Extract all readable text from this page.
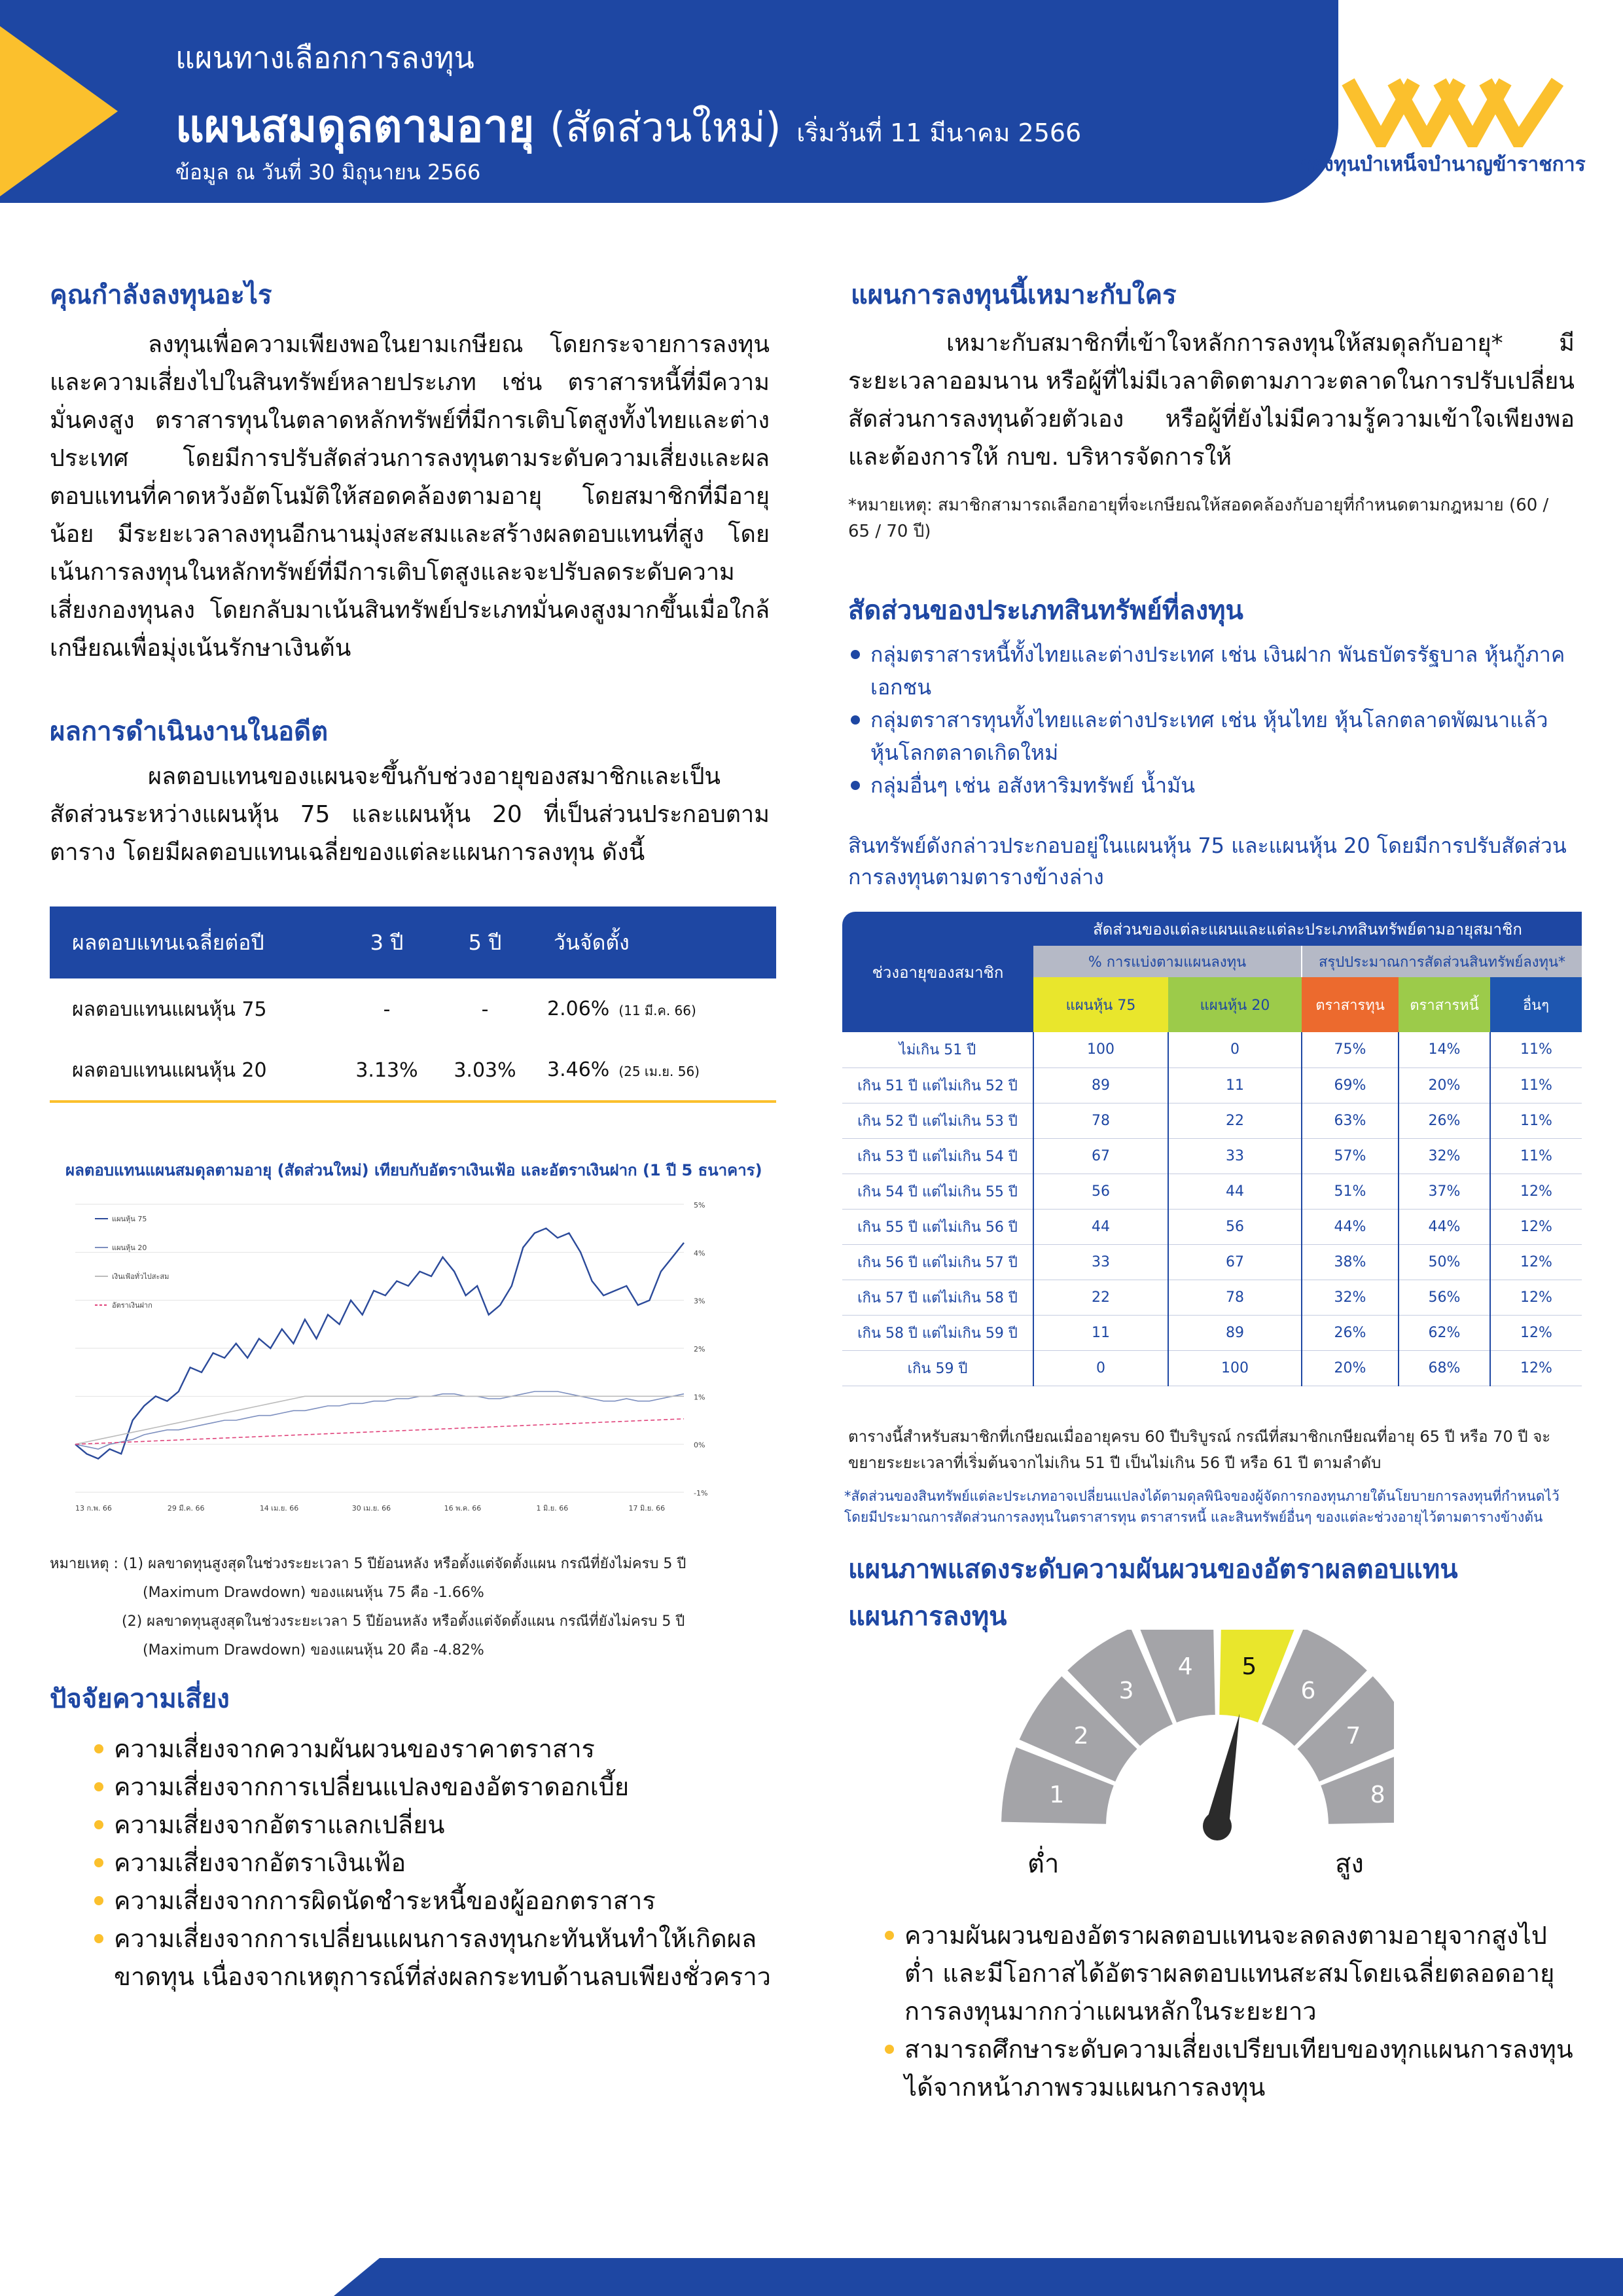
แผนทางเลือกการลงทุน
แผนสมดุลตามอายุ (สัดส่วนใหม่) เริ่มวันที่ 11 มีนาคม 2566
ข้อมูล ณ วันที่ 30 มิถุนายน 2566	กองทุนบำเหน็จบำนาญข้าราชการ
คุณกำลังลงทุนอะไร
ลงทุนเพื่อความเพียงพอในยามเกษียณ โดยกระจายการลงทุนและความเสี่ยงไปในสินทรัพย์หลายประเภท เช่น ตราสารหนี้ที่มีความมั่นคงสูง ตราสารทุนในตลาดหลักทรัพย์ที่มีการเติบโตสูงทั้งไทยและต่างประเทศ โดยมีการปรับสัดส่วนการลงทุนตามระดับความเสี่ยงและผลตอบแทนที่คาดหวังอัตโนมัติให้สอดคล้องตามอายุ โดยสมาชิกที่มีอายุน้อย มีระยะเวลาลงทุนอีกนานมุ่งสะสมและสร้างผลตอบแทนที่สูง โดยเน้นการลงทุนในหลักทรัพย์ที่มีการเติบโตสูงและจะปรับลดระดับความเสี่ยงกองทุนลง โดยกลับมาเน้นสินทรัพย์ประเภทมั่นคงสูงมากขึ้นเมื่อใกล้เกษียณเพื่อมุ่งเน้นรักษาเงินต้น
ผลการดำเนินงานในอดีต
ผลตอบแทนของแผนจะขึ้นกับช่วงอายุของสมาชิกและเป็นสัดส่วนระหว่างแผนหุ้น 75 และแผนหุ้น 20 ที่เป็นส่วนประกอบตามตาราง โดยมีผลตอบแทนเฉลี่ยของแต่ละแผนการลงทุน ดังนี้
ผลตอบแทนเฉลี่ยต่อปี	3 ปี	5 ปี	วันจัดตั้ง
ผลตอบแทนแผนหุ้น 75	-	-	2.06% (11 มี.ค. 66)
ผลตอบแทนแผนหุ้น 20	3.13%	3.03%	3.46% (25 เม.ย. 56)
ผลตอบแทนแผนสมดุลตามอายุ (สัดส่วนใหม่) เทียบกับอัตราเงินเฟ้อ และอัตราเงินฝาก (1 ปี 5 ธนาคาร)
5%
4%
3%
2%
1%
0%
-1%
13 ก.พ. 66	29 มี.ค. 66	14 เม.ย. 66	30 เม.ย. 66	16 พ.ค. 66	1 มิ.ย. 66	17 มิ.ย. 66
แผนหุ้น 75
แผนหุ้น 20
เงินเฟ้อทั่วไปสะสม
อัตราเงินฝาก
หมายเหตุ : (1) ผลขาดทุนสูงสุดในช่วงระยะเวลา 5 ปีย้อนหลัง หรือตั้งแต่จัดตั้งแผน กรณีที่ยังไม่ครบ 5 ปี
(Maximum Drawdown) ของแผนหุ้น 75 คือ -1.66%
(2) ผลขาดทุนสูงสุดในช่วงระยะเวลา 5 ปีย้อนหลัง หรือตั้งแต่จัดตั้งแผน กรณีที่ยังไม่ครบ 5 ปี
(Maximum Drawdown) ของแผนหุ้น 20 คือ -4.82%
ปัจจัยความเสี่ยง
ความเสี่ยงจากความผันผวนของราคาตราสาร
ความเสี่ยงจากการเปลี่ยนแปลงของอัตราดอกเบี้ย
ความเสี่ยงจากอัตราแลกเปลี่ยน
ความเสี่ยงจากอัตราเงินเฟ้อ
ความเสี่ยงจากการผิดนัดชำระหนี้ของผู้ออกตราสาร
ความเสี่ยงจากการเปลี่ยนแผนการลงทุนกะทันหันทำให้เกิดผลขาดทุน เนื่องจากเหตุการณ์ที่ส่งผลกระทบด้านลบเพียงชั่วคราว
แผนการลงทุนนี้เหมาะกับใคร
เหมาะกับสมาชิกที่เข้าใจหลักการลงทุนให้สมดุลกับอายุ* มีระยะเวลาออมนาน หรือผู้ที่ไม่มีเวลาติดตามภาวะตลาดในการปรับเปลี่ยนสัดส่วนการลงทุนด้วยตัวเอง หรือผู้ที่ยังไม่มีความรู้ความเข้าใจเพียงพอและต้องการให้ กบข. บริหารจัดการให้
*หมายเหตุ: สมาชิกสามารถเลือกอายุที่จะเกษียณให้สอดคล้องกับอายุที่กำหนดตามกฎหมาย (60 / 65 / 70 ปี)
สัดส่วนของประเภทสินทรัพย์ที่ลงทุน
กลุ่มตราสารหนี้ทั้งไทยและต่างประเทศ เช่น เงินฝาก พันธบัตรรัฐบาล หุ้นกู้ภาคเอกชน
กลุ่มตราสารทุนทั้งไทยและต่างประเทศ เช่น หุ้นไทย หุ้นโลกตลาดพัฒนาแล้ว หุ้นโลกตลาดเกิดใหม่
กลุ่มอื่นๆ เช่น อสังหาริมทรัพย์ น้ำมัน
สินทรัพย์ดังกล่าวประกอบอยู่ในแผนหุ้น 75 และแผนหุ้น 20 โดยมีการปรับสัดส่วนการลงทุนตามตารางข้างล่าง
ช่วงอายุของสมาชิก	สัดส่วนของแต่ละแผนและแต่ละประเภทสินทรัพย์ตามอายุสมาชิก				
	% การแบ่งตามแผนลงทุน		สรุปประมาณการสัดส่วนสินทรัพย์ลงทุน*		
	แผนหุ้น 75	แผนหุ้น 20	ตราสารทุน	ตราสารหนี้	อื่นๆ
ไม่เกิน 51 ปี	100	0	75%	14%	11%
เกิน 51 ปี แต่ไม่เกิน 52 ปี	89	11	69%	20%	11%
เกิน 52 ปี แต่ไม่เกิน 53 ปี	78	22	63%	26%	11%
เกิน 53 ปี แต่ไม่เกิน 54 ปี	67	33	57%	32%	11%
เกิน 54 ปี แต่ไม่เกิน 55 ปี	56	44	51%	37%	12%
เกิน 55 ปี แต่ไม่เกิน 56 ปี	44	56	44%	44%	12%
เกิน 56 ปี แต่ไม่เกิน 57 ปี	33	67	38%	50%	12%
เกิน 57 ปี แต่ไม่เกิน 58 ปี	22	78	32%	56%	12%
เกิน 58 ปี แต่ไม่เกิน 59 ปี	11	89	26%	62%	12%
เกิน 59 ปี	0	100	20%	68%	12%
ตารางนี้สำหรับสมาชิกที่เกษียณเมื่ออายุครบ 60 ปีบริบูรณ์ กรณีที่สมาชิกเกษียณที่อายุ 65 ปี หรือ 70 ปี จะขยายระยะเวลาที่เริ่มต้นจากไม่เกิน 51 ปี เป็นไม่เกิน 56 ปี หรือ 61 ปี ตามลำดับ
*สัดส่วนของสินทรัพย์แต่ละประเภทอาจเปลี่ยนแปลงได้ตามดุลพินิจของผู้จัดการกองทุนภายใต้นโยบายการลงทุนที่กำหนดไว้ โดยมีประมาณการสัดส่วนการลงทุนในตราสารทุน ตราสารหนี้ และสินทรัพย์อื่นๆ ของแต่ละช่วงอายุไว้ตามตารางข้างต้น
แผนภาพแสดงระดับความผันผวนของอัตราผลตอบแทน
แผนการลงทุน
1
2
3
4 5
6
7
8
ต่ำ	สูง
ความผันผวนของอัตราผลตอบแทนจะลดลงตามอายุจากสูงไปต่ำ และมีโอกาสได้อัตราผลตอบแทนสะสมโดยเฉลี่ยตลอดอายุการลงทุนมากกว่าแผนหลักในระยะยาว
สามารถศึกษาระดับความเสี่ยงเปรียบเทียบของทุกแผนการลงทุนได้จากหน้าภาพรวมแผนการลงทุน
